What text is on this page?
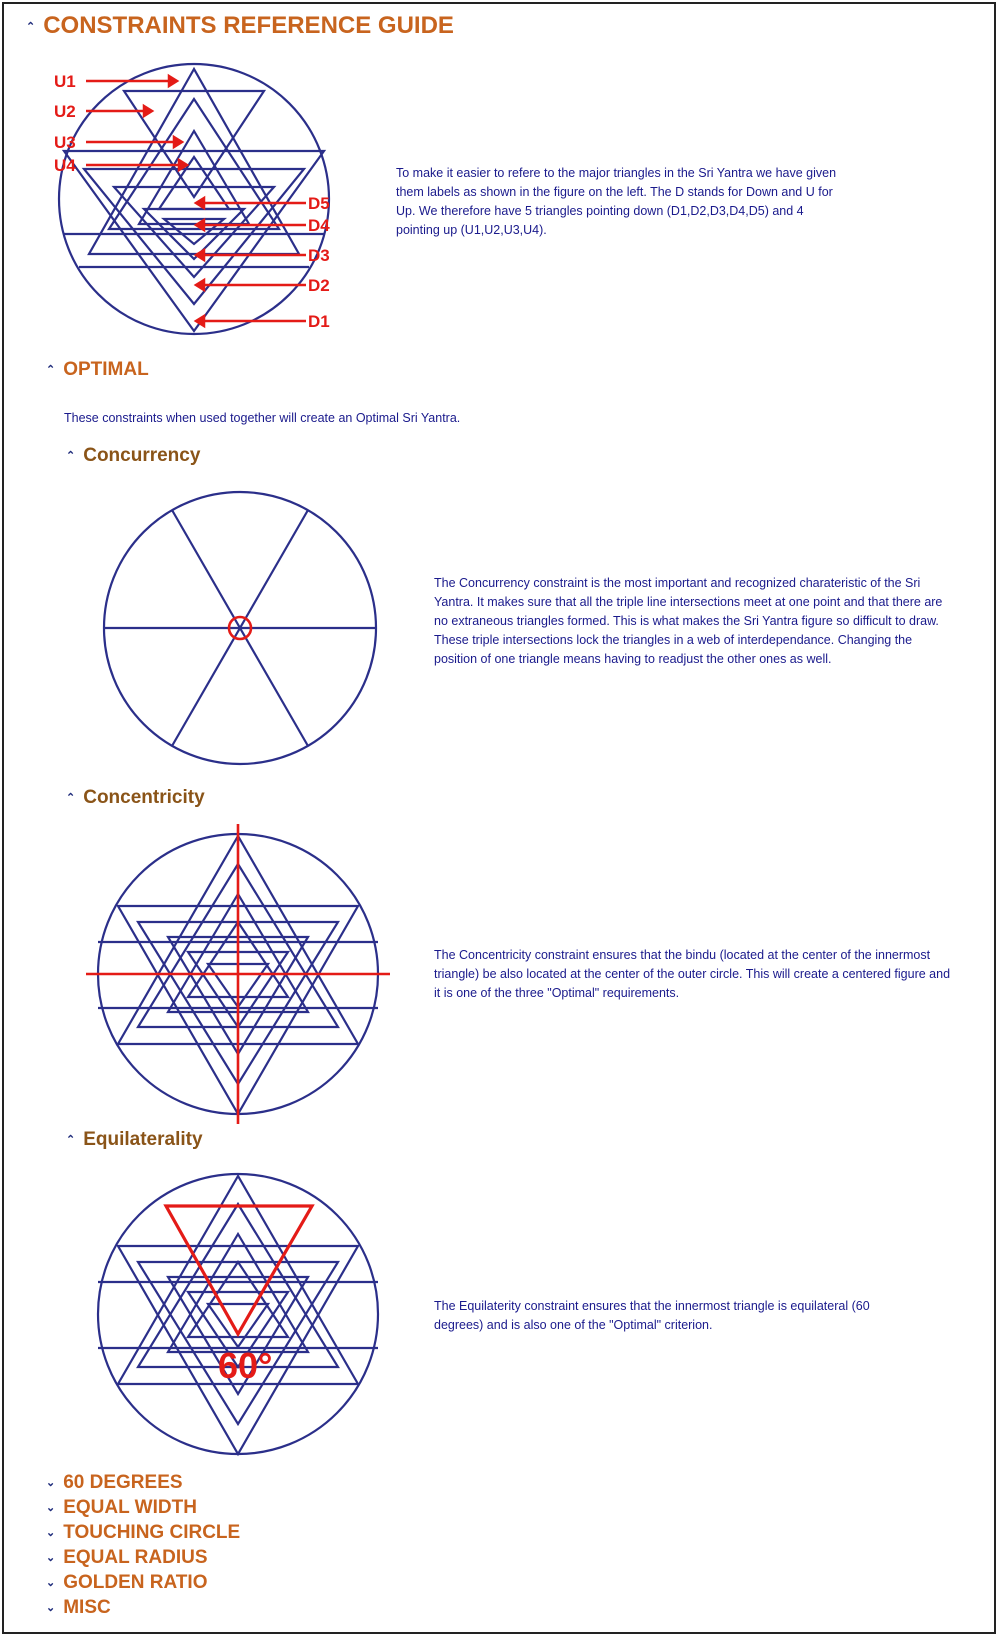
⌃ CONSTRAINTS REFERENCE GUIDE
U1
U2
U3
U4
D5
D4
D3
D2
D1
To make it easier to refere to the major triangles in the Sri Yantra we have given them labels as shown in the figure on the left. The D stands for Down and U for Up. We therefore have 5 triangles pointing down (D1,D2,D3,D4,D5) and 4 pointing up (U1,U2,U3,U4).
⌃ OPTIMAL
These constraints when used together will create an Optimal Sri Yantra.
⌃ Concurrency
The Concurrency constraint is the most important and recognized charateristic of the Sri Yantra. It makes sure that all the triple line intersections meet at one point and that there are no extraneous triangles formed. This is what makes the Sri Yantra figure so difficult to draw. These triple intersections lock the triangles in a web of interdependance. Changing the position of one triangle means having to readjust the other ones as well.
⌃ Concentricity
The Concentricity constraint ensures that the bindu (located at the center of the innermost triangle) be also located at the center of the outer circle. This will create a centered figure and it is one of the three "Optimal" requirements.
⌃ Equilaterality
60°
The Equilaterity constraint ensures that the innermost triangle is equilateral (60 degrees) and is also one of the "Optimal" criterion.
⌄ 60 DEGREES
⌄ EQUAL WIDTH
⌄ TOUCHING CIRCLE
⌄ EQUAL RADIUS
⌄ GOLDEN RATIO
⌄ MISC
